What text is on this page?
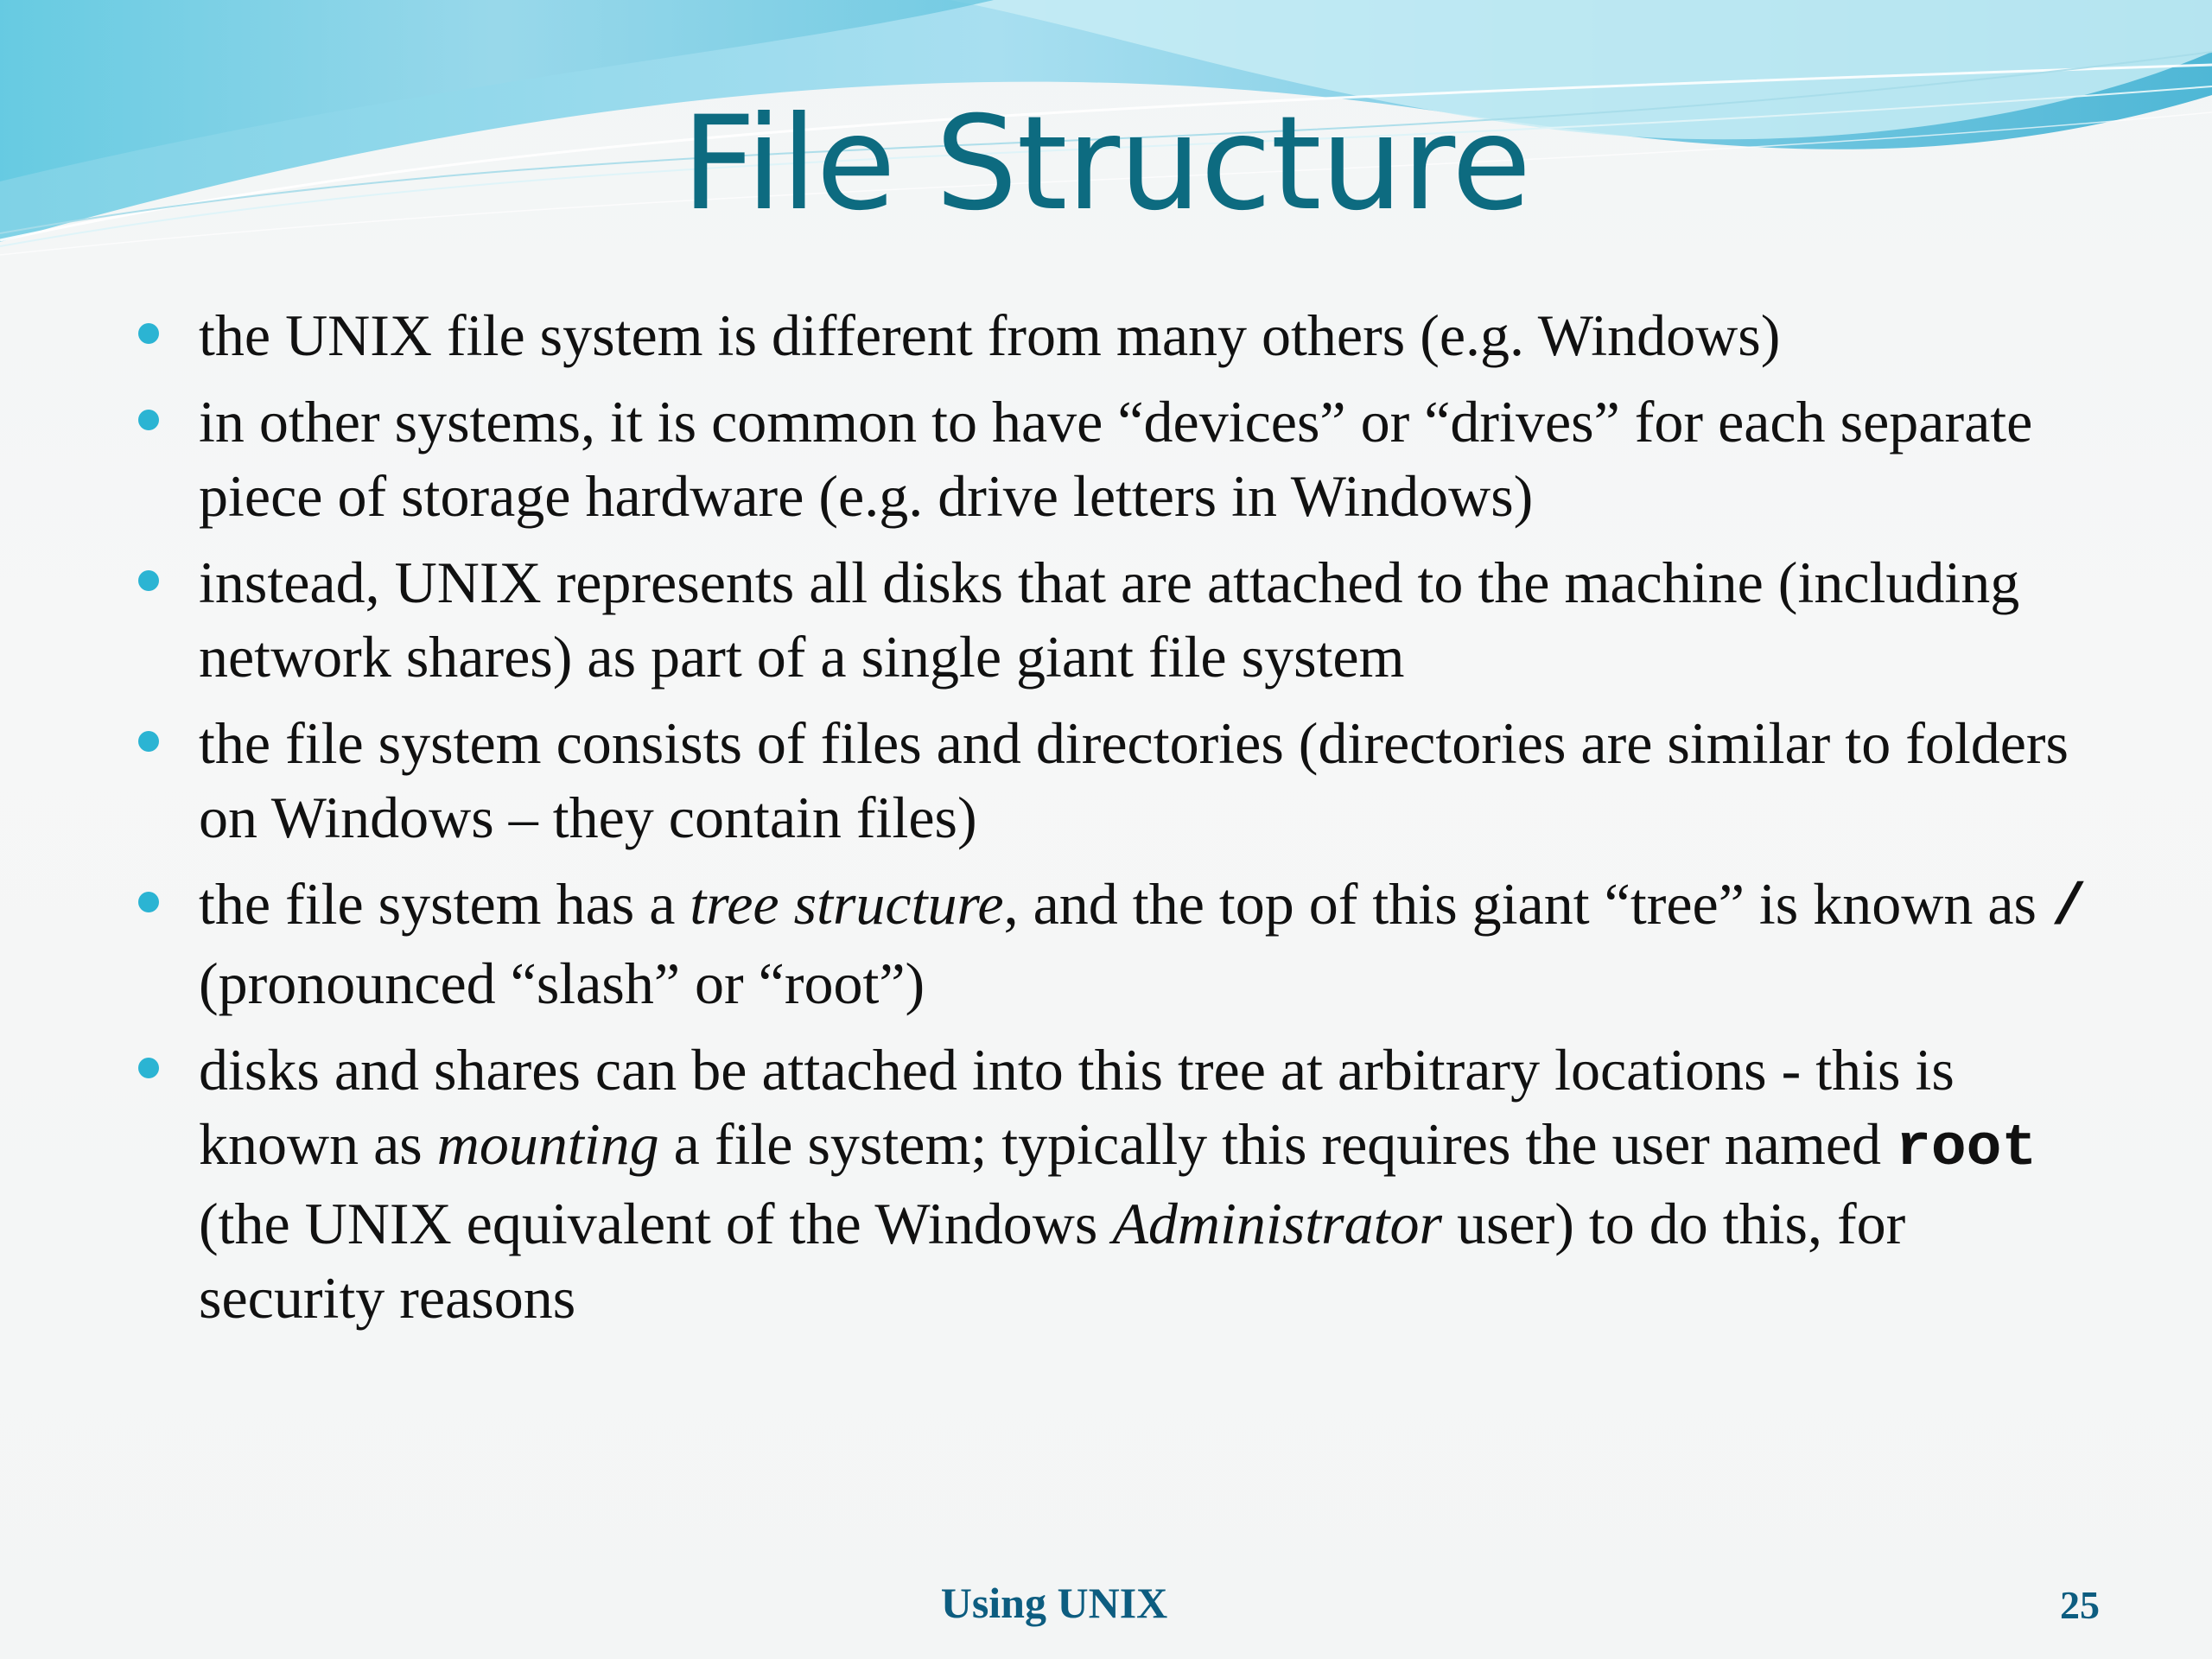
File Structure
the UNIX file system is different from many others (e.g. Windows)
in other systems, it is common to have “devices” or “drives” for each separate piece of storage hardware (e.g. drive letters in Windows)
instead, UNIX represents all disks that are attached to the machine (including network shares) as part of a single giant file system
the file system consists of files and directories (directories are similar to folders on Windows – they contain files)
the file system has a tree structure, and the top of this giant “tree” is known as / (pronounced “slash” or “root”)
disks and shares can be attached into this tree at arbitrary locations - this is known as mounting a file system; typically this requires the user named root (the UNIX equivalent of the Windows Administrator user) to do this, for security reasons
Using UNIX	25
